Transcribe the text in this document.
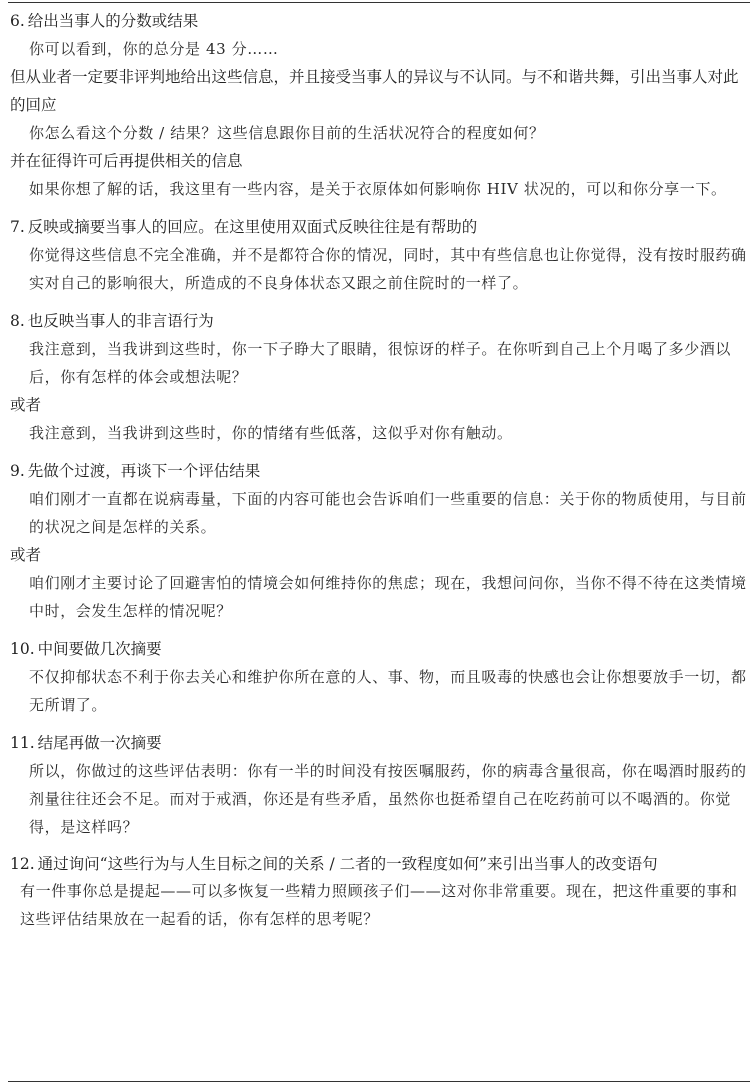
6. 给出当事人的分数或结果

你可以看到，你的总分是 43 分……

但从业者一定要非评判地给出这些信息，并且接受当事人的异议与不认同。与不和谐共舞，引出当事人对此的回应

你怎么看这个分数 / 结果？这些信息跟你目前的生活状况符合的程度如何？

并在征得许可后再提供相关的信息

如果你想了解的话，我这里有一些内容，是关于衣原体如何影响你 HIV 状况的，可以和你分享一下。

7. 反映或摘要当事人的回应。在这里使用双面式反映往往是有帮助的

你觉得这些信息不完全准确，并不是都符合你的情况，同时，其中有些信息也让你觉得，没有按时服药确实对自己的影响很大，所造成的不良身体状态又跟之前住院时的一样了。

8. 也反映当事人的非言语行为

我注意到，当我讲到这些时，你一下子睁大了眼睛，很惊讶的样子。在你听到自己上个月喝了多少酒以后，你有怎样的体会或想法呢？

或者

我注意到，当我讲到这些时，你的情绪有些低落，这似乎对你有触动。

9. 先做个过渡，再谈下一个评估结果

咱们刚才一直都在说病毒量，下面的内容可能也会告诉咱们一些重要的信息：关于你的物质使用，与目前的状况之间是怎样的关系。

或者

咱们刚才主要讨论了回避害怕的情境会如何维持你的焦虑；现在，我想问问你，当你不得不待在这类情境中时，会发生怎样的情况呢？

10. 中间要做几次摘要

不仅抑郁状态不利于你去关心和维护你所在意的人、事、物，而且吸毒的快感也会让你想要放手一切，都无所谓了。

11. 结尾再做一次摘要

所以，你做过的这些评估表明：你有一半的时间没有按医嘱服药，你的病毒含量很高，你在喝酒时服药的剂量往往还会不足。而对于戒酒，你还是有些矛盾，虽然你也挺希望自己在吃药前可以不喝酒的。你觉得，是这样吗？

12. 通过询问“这些行为与人生目标之间的关系 / 二者的一致程度如何”来引出当事人的改变语句

有一件事你总是提起——可以多恢复一些精力照顾孩子们——这对你非常重要。现在，把这件重要的事和这些评估结果放在一起看的话，你有怎样的思考呢？
